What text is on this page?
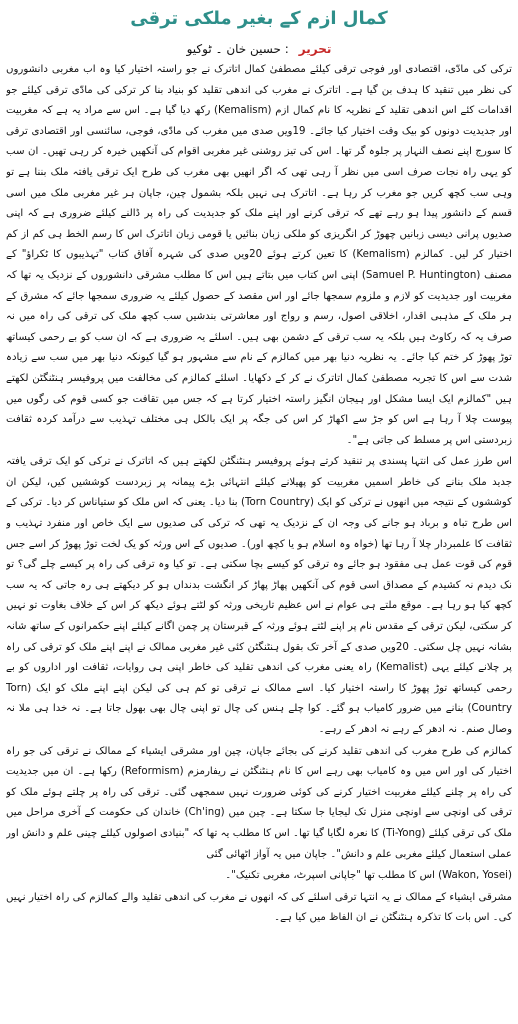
کمال ازم کے بغیر ملکی ترقی
تحریر: حسین خان ۔ ٹوکیو

ترکی کی مادّی، اقتصادی اور فوجی ترقی کیلئے مصطفیٰ کمال اتاترک نے جو راستہ اختیار کیا وہ اب مغربی دانشوروں کی نظر میں تنقید کا ہدف بن گیا ہے۔ اتاترک نے مغرب کی اندھی تقلید کو بنیاد بنا کر ترکی کی مادّی ترقی کیلئے جو اقدامات کئے اس اندھی تقلید کے نظریہ کا نام کمال ازم (Kemalism) رکھ دیا گیا ہے۔ اس سے مراد یہ ہے کہ مغربیت اور جدیدیت دونوں کو بیک وقت اختیار کیا جائے۔ 19ویں صدی میں مغرب کی مادّی، فوجی، سائنسی اور اقتصادی ترقی کا سورج اپنے نصف النہار پر جلوہ گر تھا۔ اس کی تیز روشنی غیر مغربی اقوام کی آنکھیں خیرہ کر رہی تھیں۔ ان سب کو یہی راہ نجات صرف اسی میں نظر آ رہی تھی کہ اگر انھیں بھی مغرب کی طرح ایک ترقی یافتہ ملک بننا ہے تو وہی سب کچھ کریں جو مغرب کر رہا ہے۔ اتاترک ہی نہیں بلکہ بشمول چین، جاپان ہر غیر مغربی ملک میں اسی قسم کے دانشور پیدا ہو رہے تھے کہ ترقی کرنے اور اپنے ملک کو جدیدیت کی راہ پر ڈالنے کیلئے ضروری ہے کہ اپنی صدیوں پرانی دیسی زبانیں چھوڑ کر انگریزی کو ملکی زبان بنائیں یا قومی زبان اتاترک اس کا رسم الخط ہی کم از کم اختیار کر لیں۔ کمالزم (Kemalism) کا تعین کرتے ہوئے 20ویں صدی کی شہرہ آفاق کتاب "تہذیبوں کا ٹکراؤ" کے مصنف (Samuel P. Huntington) اپنی اس کتاب میں بتاتے ہیں اس کا مطلب مشرقی دانشوروں کے نزدیک یہ تھا کہ مغربیت اور جدیدیت کو لازم و ملزوم سمجھا جائے اور اس مقصد کے حصول کیلئے یہ ضروری سمجھا جائے کہ مشرق کے ہر ملک کے مذہبی اقدار، اخلاقی اصول، رسم و رواج اور معاشرتی بندشیں سب کچھ ملک کی ترقی کی راہ میں نہ صرف یہ کہ رکاوٹ ہیں بلکہ یہ سب ترقی کے دشمن بھی ہیں۔ اسلئے یہ ضروری ہے کہ ان سب کو بے رحمی کیساتھ توڑ پھوڑ کر ختم کیا جائے۔ یہ نظریہ دنیا بھر میں کمالزم کے نام سے مشہور ہو گیا کیونکہ دنیا بھر میں سب سے زیادہ شدت سے اس کا تجربہ مصطفیٰ کمال اتاترک نے کر کے دکھایا۔ اسلئے کمالزم کی مخالفت میں پروفیسر ہنٹنگٹن لکھتے ہیں "کمالزم ایک ایسا مشکل اور ہیجان انگیز راستہ اختیار کرتا ہے کہ جس میں تقافت جو کسی قوم کی رگوں میں پیوست چلا آ رہا ہے اس کو جڑ سے اکھاڑ کر اس کی جگہ پر ایک بالکل ہی مختلف تہذیب سے درآمد کردہ ثقافت زبردستی اس پر مسلط کی جاتی ہے"۔

اس طرز عمل کی انتہا پسندی پر تنقید کرتے ہوئے پروفیسر ہنٹنگٹن لکھتے ہیں کہ اتاترک نے ترکی کو ایک ترقی یافتہ جدید ملک بنانے کی خاطر اسمیں مغربیت کو پھیلانے کیلئے انتہائی بڑے پیمانہ پر زبردست کوششیں کیں، لیکن ان کوششوں کے نتیجہ میں انھوں نے ترکی کو ایک (Torn Country) بنا دیا۔ یعنی کہ اس ملک کو ستیاناس کر دیا۔ ترکی کے اس طرح تباہ و برباد ہو جانے کی وجہ ان کے نزدیک یہ تھی کہ ترکی کی صدیوں سے ایک خاص اور منفرد تہذیب و ثقافت کا علمبردار چلا آ رہا تھا (خواہ وہ اسلام ہو یا کچھ اور)۔ صدیوں کے اس ورثہ کو یک لخت توڑ پھوڑ کر اسے جس قوم کی قوت عمل ہی مفقود ہو جائے وہ ترقی کو کیسے بچا سکتی ہے۔ تو کیا وہ ترقی کی راہ پر کیسے چلے گی؟ تو نک دیدم نہ کشیدم کے مصداق اسی قوم کی آنکھیں پھاڑ پھاڑ کر انگشت بدنداں ہو کر دیکھتے ہی رہ جاتی کہ یہ سب کچھ کیا ہو رہا ہے۔ موقع ملتے ہی عوام نے اس عظیم تاریخی ورثہ کو لٹتے ہوئے دیکھ کر اس کے خلاف بغاوت تو نہیں کر سکتی، لیکن ترقی کے مقدس نام پر اپنے لٹتے ہوئے ورثہ کے قبرستان پر چمن اگانے کیلئے اپنے حکمرانوں کے ساتھ شانہ بشانہ نہیں چل سکتی۔ 20ویں صدی کے آخر تک بقول ہنٹنگٹن کئی غیر مغربی ممالک نے اپنے اپنے ملک کو ترقی کی راہ پر چلانے کیلئے یہی (Kemalist) راہ یعنی مغرب کی اندھی تقلید کی خاطر اپنی ہی روایات، ثقافت اور اداروں کو بے رحمی کیساتھ توڑ پھوڑ کا راستہ اختیار کیا۔ اسے ممالک نے ترقی تو کم ہی کی لیکن اپنے اپنے ملک کو ایک (Torn Country) بنانے میں ضرور کامیاب ہو گئے۔ کوا چلے ہنس کی چال تو اپنی چال بھی بھول جاتا ہے۔ نہ خدا ہی ملا نہ وصال صنم۔ نہ ادھر کے رہے نہ ادھر کے رہے۔

کمالزم کی طرح مغرب کی اندھی تقلید کرنے کی بجائے جاپان، چین اور مشرقی ایشیاء کے ممالک نے ترقی کی جو راہ اختیار کی اور اس میں وہ کامیاب بھی رہے اس کا نام ہنٹنگٹن نے ریفارمزم (Reformism) رکھا ہے۔ ان میں جدیدیت کی راہ پر چلنے کیلئے مغربیت اختیار کرنے کی کوئی ضرورت نہیں سمجھی گئی۔ ترقی کی راہ پر چلتے ہوئے ملک کو ترقی کی اونچی سے اونچی منزل تک لیجایا جا سکتا ہے۔ چین میں (Ch'ing) خاندان کی حکومت کے آخری مراحل میں ملک کی ترقی کیلئے (Ti-Yong) کا نعرہ لگایا گیا تھا۔ اس کا مطلب یہ تھا کہ "بنیادی اصولوں کیلئے چینی علم و دانش اور عملی استعمال کیلئے مغربی علم و دانش"۔ جاپان میں یہ آواز اٹھائی گئی

(Wakon, Yosei) اس کا مطلب تھا "جاپانی اسپرٹ، مغربی تکنیک"۔

مشرقی ایشیاء کے ممالک نے یہ انتہا ترقی اسلئے کی کہ انھوں نے مغرب کی اندھی تقلید والے کمالزم کی راہ اختیار نہیں کی۔ اس بات کا تذکرہ ہنٹنگٹن نے ان الفاظ میں کیا ہے۔
